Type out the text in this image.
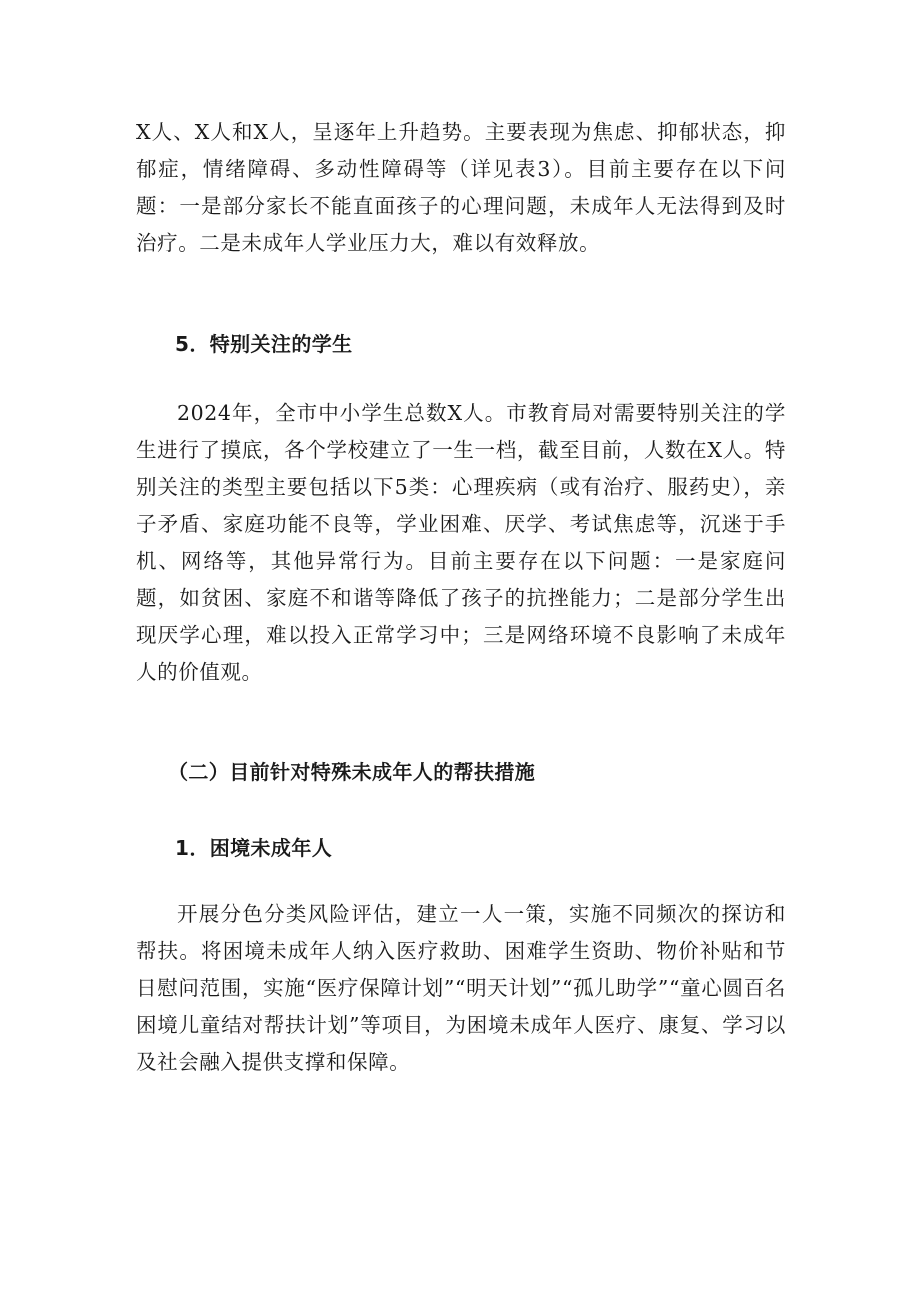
X人、X人和X人，呈逐年上升趋势。主要表现为焦虑、抑郁状态，抑郁症，情绪障碍、多动性障碍等（详见表3）。目前主要存在以下问题：一是部分家长不能直面孩子的心理问题，未成年人无法得到及时治疗。二是未成年人学业压力大，难以有效释放。

5．特别关注的学生

2024年，全市中小学生总数X人。市教育局对需要特别关注的学生进行了摸底，各个学校建立了一生一档，截至目前，人数在X人。特别关注的类型主要包括以下5类：心理疾病（或有治疗、服药史），亲子矛盾、家庭功能不良等，学业困难、厌学、考试焦虑等，沉迷于手机、网络等，其他异常行为。目前主要存在以下问题：一是家庭问题，如贫困、家庭不和谐等降低了孩子的抗挫能力；二是部分学生出现厌学心理，难以投入正常学习中；三是网络环境不良影响了未成年人的价值观。

（二）目前针对特殊未成年人的帮扶措施
1．困境未成年人

开展分色分类风险评估，建立一人一策，实施不同频次的探访和帮扶。将困境未成年人纳入医疗救助、困难学生资助、物价补贴和节日慰问范围，实施“医疗保障计划”“明天计划”“孤儿助学”“童心圆百名困境儿童结对帮扶计划”等项目，为困境未成年人医疗、康复、学习以及社会融入提供支撑和保障。
